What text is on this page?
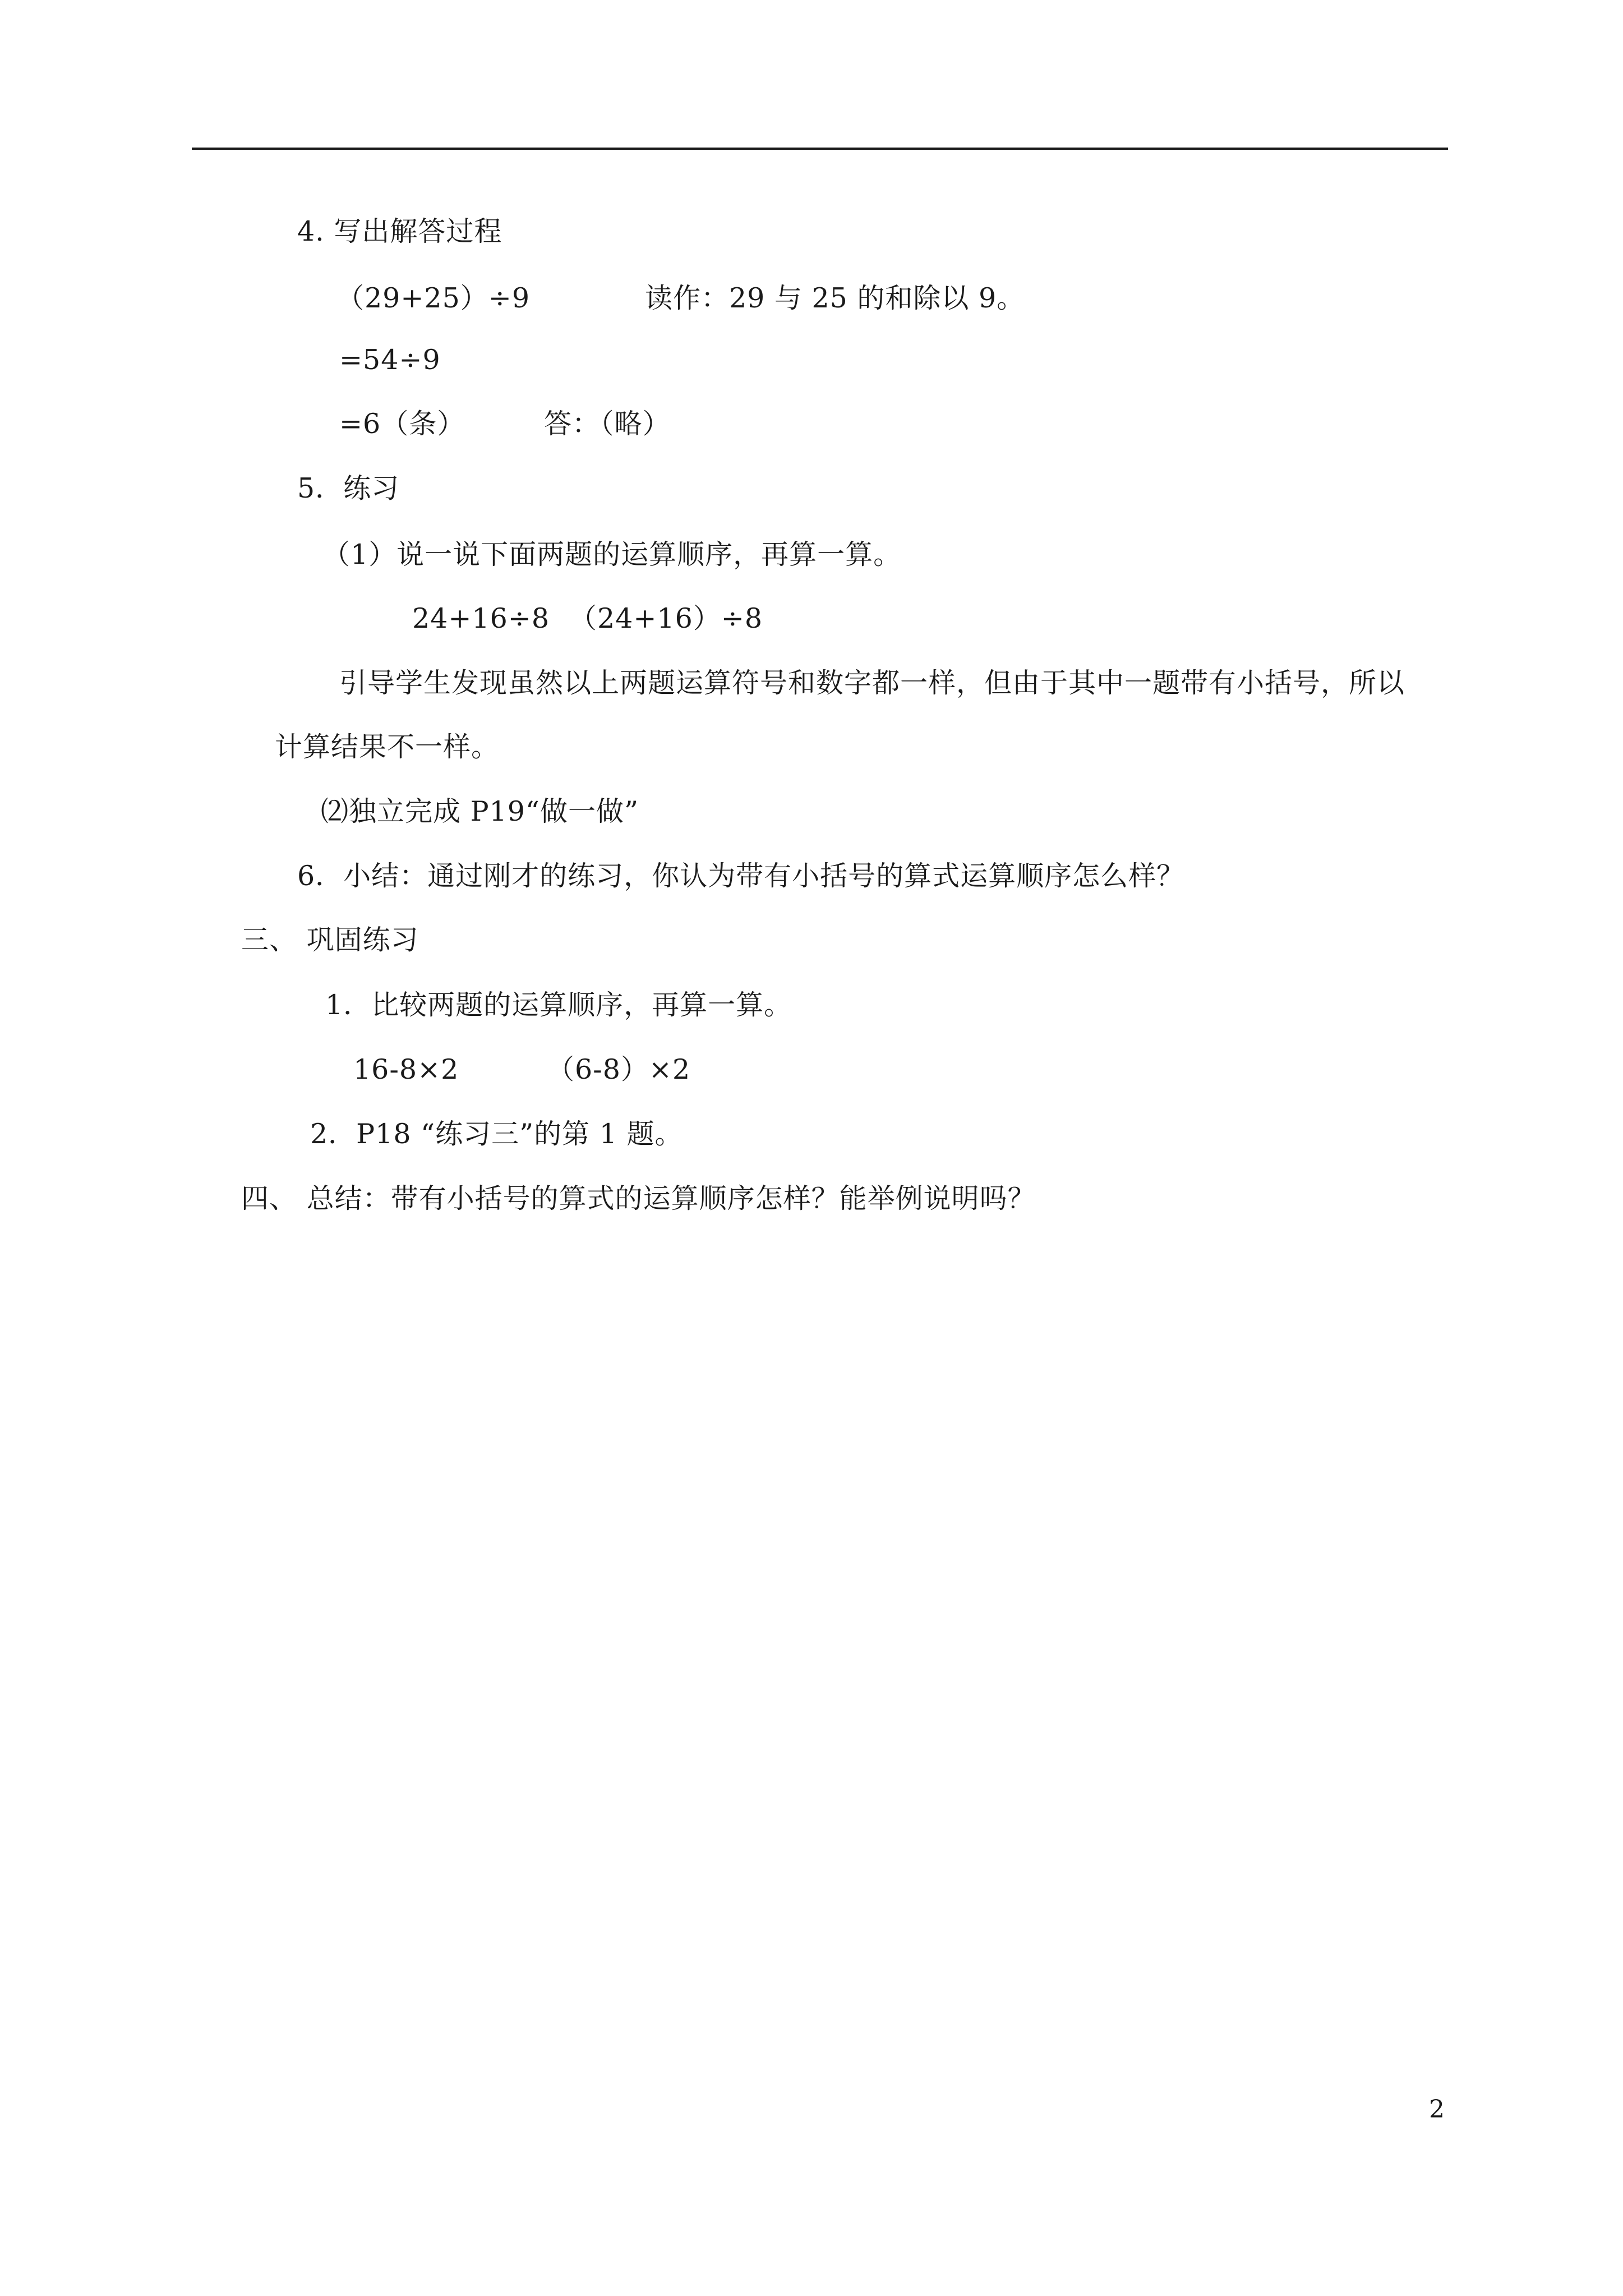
4. 写出解答过程
（29+25）÷9	读作：29 与 25 的和除以 9。
=54÷9
=6（条）	答：（略）
5．练习
（1）说一说下面两题的运算顺序，再算一算。
24+16÷8 （24+16）÷8
引导学生发现虽然以上两题运算符号和数字都一样，但由于其中一题带有小括号，所以
计算结果不一样。
⑵独立完成 P19“做一做”
6．小结：通过刚才的练习，你认为带有小括号的算式运算顺序怎么样？
三、 巩固练习
1．比较两题的运算顺序，再算一算。
16-8×2	（6-8）×2
2．P18 “练习三”的第 1 题。
四、 总结：带有小括号的算式的运算顺序怎样？能举例说明吗？
2
